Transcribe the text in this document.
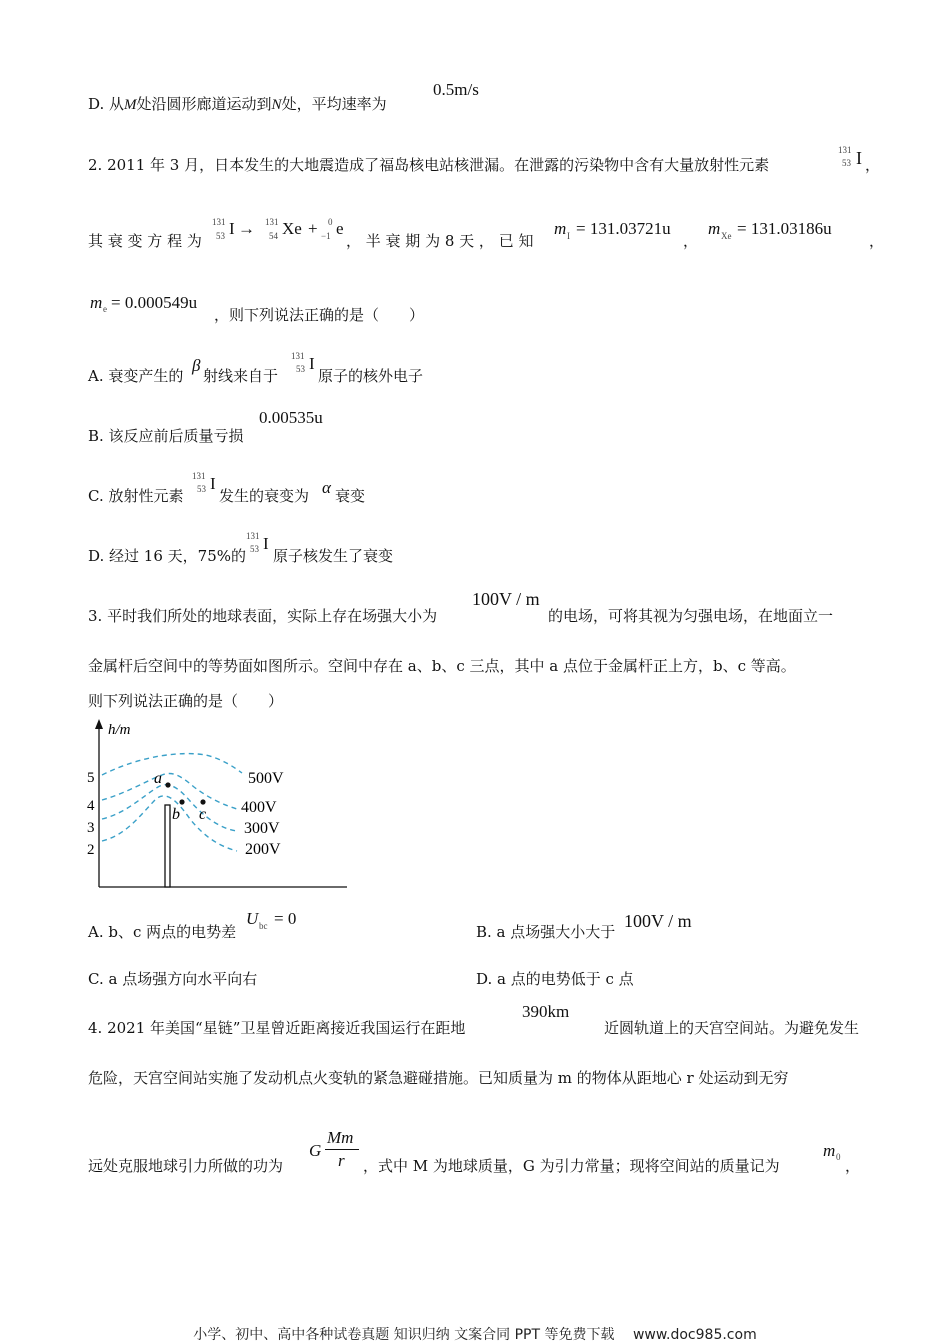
D. 从M处沿圆形廊道运动到N处，平均速率为
0.5m/s
2. 2011 年 3 月，日本发生的大地震造成了福岛核电站核泄漏。在泄露的污染物中含有大量放射性元素
131
53 I ，
其 衰 变 方 程 为
131
53 I → 131
54 Xe + 0
−1 e
， 半 衰 期 为 8 天 ， 已 知
m I = 131.03721u
，
m Xe = 131.03186u
，
m e = 0.000549u
，则下列说法正确的是（　　）
A. 衰变产生的
β
射线来自于
131
53 I
原子的核外电子
B. 该反应前后质量亏损
0.00535u
C. 放射性元素
131
53 I
发生的衰变为 α 衰变
D. 经过 16 天，75%的
131
53 I
原子核发生了衰变
3. 平时我们所处的地球表面，实际上存在场强大小为
100V / m
的电场，可将其视为匀强电场，在地面立一
金属杆后空间中的等势面如图所示。空间中存在 a、b、c 三点，其中 a 点位于金属杆正上方，b、c 等高。
则下列说法正确的是（　　）
h/m
5
4
3
2
500V
400V
300V
200V
a
b c
A. b、c 两点的电势差
U bc = 0
B. a 点场强大小大于
100V / m
C. a 点场强方向水平向右	D. a 点的电势低于 c 点
4. 2021 年美国“星链”卫星曾近距离接近我国运行在距地
390km
近圆轨道上的天宫空间站。为避免发生
危险，天宫空间站实施了发动机点火变轨的紧急避碰措施。已知质量为 m 的物体从距地心 r 处运动到无穷
远处克服地球引力所做的功为
G
Mm
r ，式中 M 为地球质量，G 为引力常量；现将空间站的质量记为
m 0 ，
小学、初中、高中各种试卷真题 知识归纳 文案合同 PPT 等免费下载 www.doc985.com
